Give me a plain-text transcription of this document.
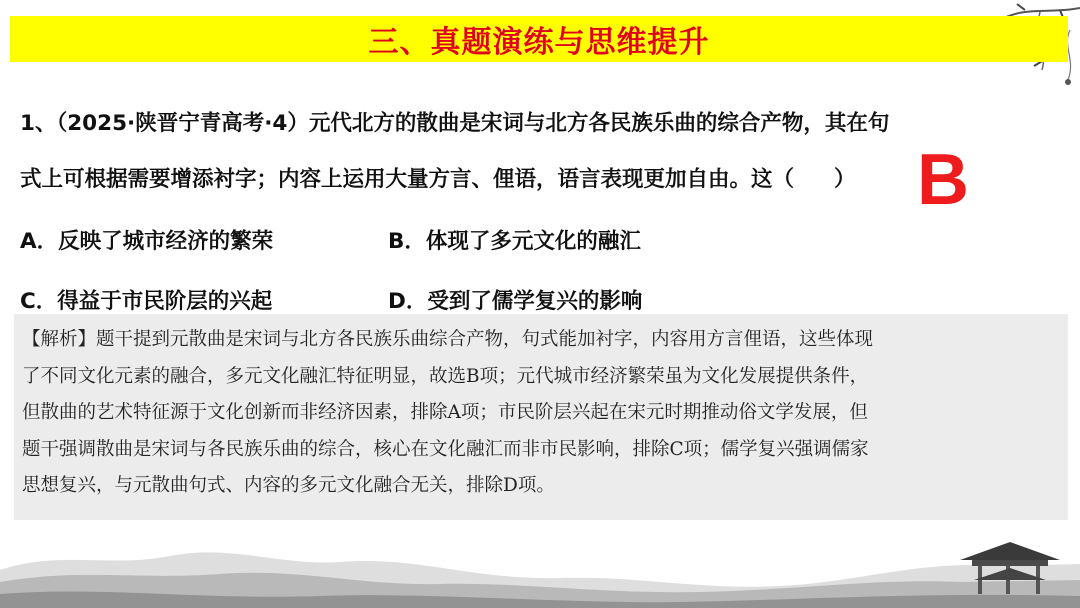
三、真题演练与思维提升
1、（2025·陕晋宁青高考·4）元代北方的散曲是宋词与北方各民族乐曲的综合产物，其在句
式上可根据需要增添衬字；内容上运用大量方言、俚语，语言表现更加自由。这（ ） B
A．反映了城市经济的繁荣	B．体现了多元文化的融汇
C．得益于市民阶层的兴起	D．受到了儒学复兴的影响
【解析】题干提到元散曲是宋词与北方各民族乐曲综合产物，句式能加衬字，内容用方言俚语，这些体现
了不同文化元素的融合，多元文化融汇特征明显，故选B项；元代城市经济繁荣虽为文化发展提供条件，
但散曲的艺术特征源于文化创新而非经济因素，排除A项；市民阶层兴起在宋元时期推动俗文学发展，但
题干强调散曲是宋词与各民族乐曲的综合，核心在文化融汇而非市民影响，排除C项；儒学复兴强调儒家
思想复兴，与元散曲句式、内容的多元文化融合无关，排除D项。
